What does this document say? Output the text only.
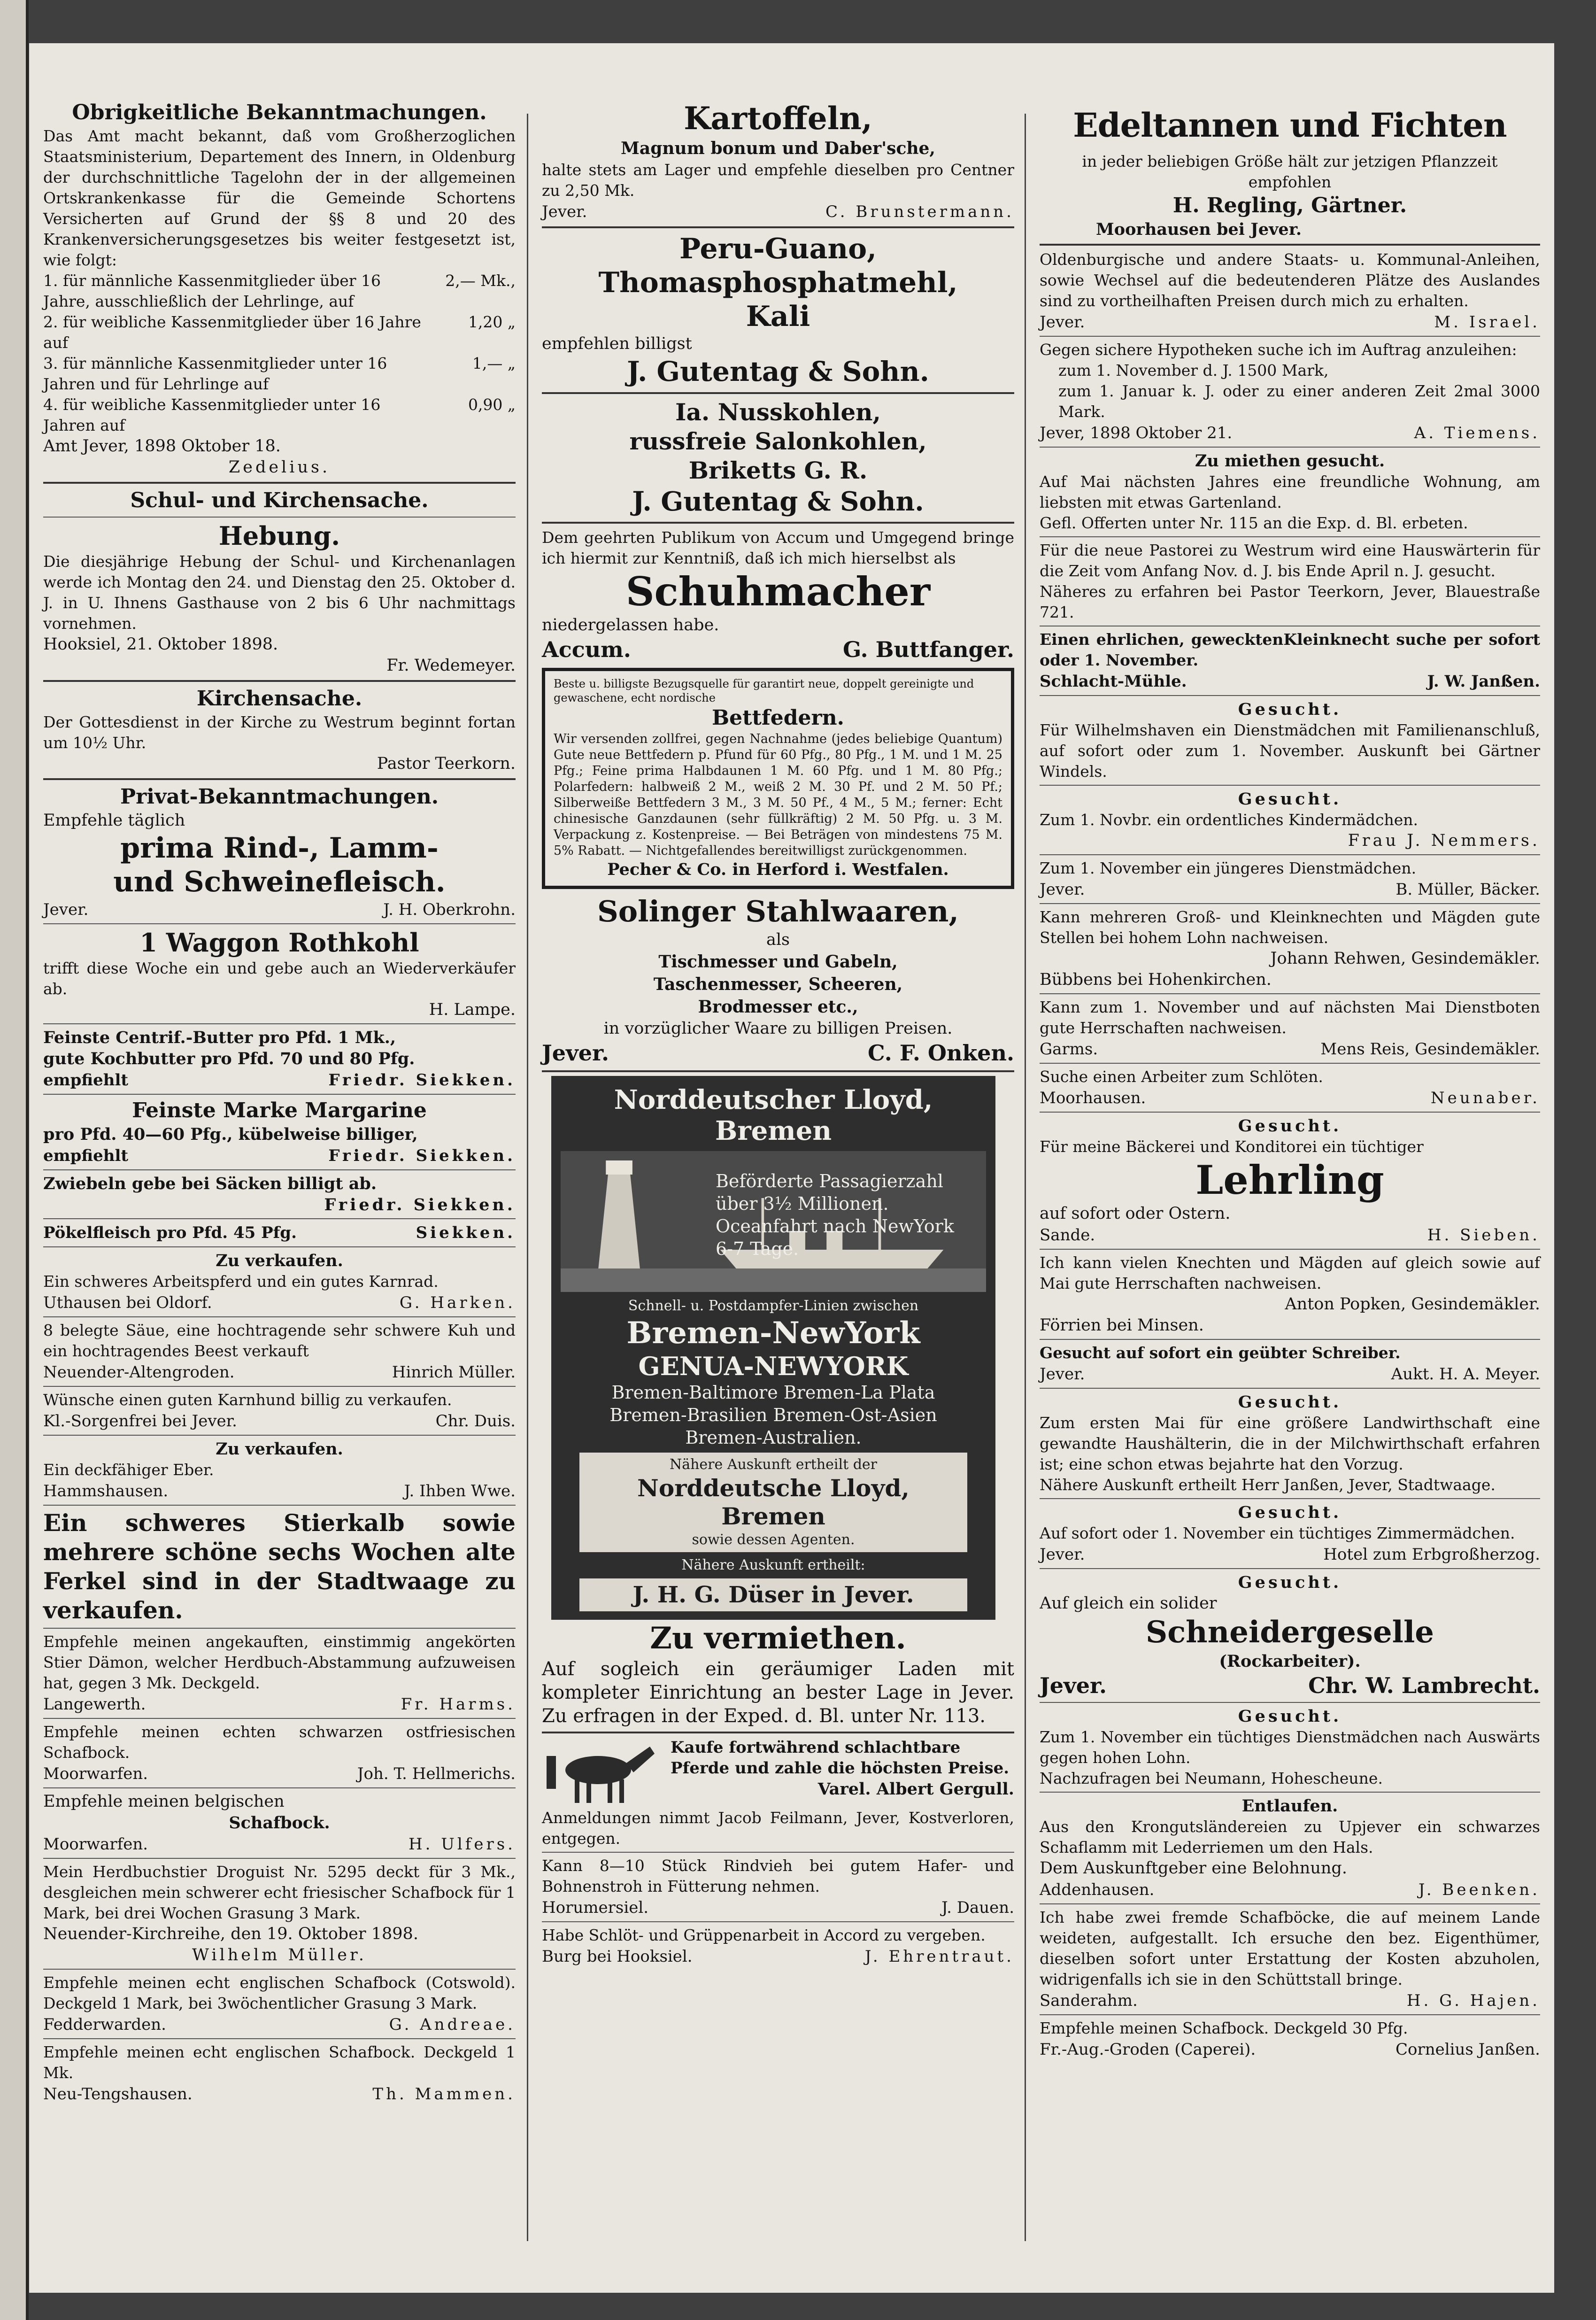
Obrigkeitliche Bekanntmachungen.

Das Amt macht bekannt, daß vom Großherzoglichen Staatsministerium, Departement des Innern, in Oldenburg der durchschnittliche Tagelohn der in der allgemeinen Ortskrankenkasse für die Gemeinde Schortens Versicherten auf Grund der §§ 8 und 20 des Krankenversicherungsgesetzes bis weiter festgesetzt ist, wie folgt:

1. für männliche Kassenmitglieder über 16 Jahre, ausschließlich der Lehrlinge, auf
2,— Mk.,
2. für weibliche Kassenmitglieder über 16 Jahre auf
1,20 „
3. für männliche Kassenmitglieder unter 16 Jahren und für Lehrlinge auf
1,— „
4. für weibliche Kassenmitglieder unter 16 Jahren auf
0,90 „

Amt Jever, 1898 Oktober 18.

Zedelius.

Schul- und Kirchensache.
Hebung.

Die diesjährige Hebung der Schul- und Kirchenanlagen werde ich Montag den 24. und Dienstag den 25. Oktober d. J. in U. Ihnens Gasthause von 2 bis 6 Uhr nachmittags vornehmen.

Hooksiel, 21. Oktober 1898.

Fr. Wedemeyer.

Kirchensache.

Der Gottesdienst in der Kirche zu Westrum beginnt fortan um 10½ Uhr.

Pastor Teerkorn.

Privat-Bekanntmachungen.

Empfehle täglich

prima Rind-, Lamm-
und Schweinefleisch.
Jever.	J. H. Oberkrohn.
1 Waggon Rothkohl

trifft diese Woche ein und gebe auch an Wiederverkäufer ab.

H. Lampe.

Feinste Centrif.-Butter pro Pfd. 1 Mk.,

gute Kochbutter pro Pfd. 70 und 80 Pfg.

empfiehlt	Friedr. Siekken.
Feinste Marke Margarine

pro Pfd. 40—60 Pfg., kübelweise billiger,

empfiehlt	Friedr. Siekken.

Zwiebeln gebe bei Säcken billigt ab.

Friedr. Siekken.

Pökelfleisch pro Pfd. 45 Pfg.	Siekken.

Zu verkaufen.

Ein schweres Arbeitspferd und ein gutes Karnrad.

Uthausen bei Oldorf.	G. Harken.

8 belegte Säue, eine hochtragende sehr schwere Kuh und ein hochtragendes Beest verkauft

Neuender-Altengroden.	Hinrich Müller.

Wünsche einen guten Karnhund billig zu verkaufen.

Kl.-Sorgenfrei bei Jever.	Chr. Duis.

Zu verkaufen.

Ein deckfähiger Eber.

Hammshausen.	J. Ihben Wwe.

Ein schweres Stierkalb sowie mehrere schöne sechs Wochen alte Ferkel sind in der Stadtwaage zu verkaufen.

Empfehle meinen angekauften, einstimmig angekörten Stier Dämon, welcher Herdbuch-Abstammung aufzuweisen hat, gegen 3 Mk. Deckgeld.

Langewerth.	Fr. Harms.

Empfehle meinen echten schwarzen ostfriesischen Schafbock.

Moorwarfen.	Joh. T. Hellmerichs.

Empfehle meinen belgischen

Schafbock.

Moorwarfen.	H. Ulfers.

Mein Herdbuchstier Droguist Nr. 5295 deckt für 3 Mk., desgleichen mein schwerer echt friesischer Schafbock für 1 Mark, bei drei Wochen Grasung 3 Mark.

Neuender-Kirchreihe, den 19. Oktober 1898.

Wilhelm Müller.

Empfehle meinen echt englischen Schafbock (Cotswold). Deckgeld 1 Mark, bei 3wöchentlicher Grasung 3 Mark.

Fedderwarden.	G. Andreae.

Empfehle meinen echt englischen Schafbock. Deckgeld 1 Mk.

Neu-Tengshausen.	Th. Mammen.
Kartoffeln,

Magnum bonum und Daber'sche,

halte stets am Lager und empfehle dieselben pro Centner zu 2,50 Mk.

Jever.	C. Brunstermann.
Peru-Guano,
Thomasphosphatmehl,
Kali

empfehlen billigst

J. Gutentag & Sohn.

Ia. Nusskohlen,

russfreie Salonkohlen,

Briketts G. R.

J. Gutentag & Sohn.

Dem geehrten Publikum von Accum und Umgegend bringe ich hiermit zur Kenntniß, daß ich mich hierselbst als

Schuhmacher

niedergelassen habe.

Accum.	G. Buttfanger.

Beste u. billigste Bezugsquelle für garantirt neue, doppelt gereinigte und gewaschene, echt nordische

Bettfedern.

Wir versenden zollfrei, gegen Nachnahme (jedes beliebige Quantum) Gute neue Bettfedern p. Pfund für 60 Pfg., 80 Pfg., 1 M. und 1 M. 25 Pfg.; Feine prima Halbdaunen 1 M. 60 Pfg. und 1 M. 80 Pfg.; Polarfedern: halbweiß 2 M., weiß 2 M. 30 Pf. und 2 M. 50 Pf.; Silberweiße Bettfedern 3 M., 3 M. 50 Pf., 4 M., 5 M.; ferner: Echt chinesische Ganzdaunen (sehr füllkräftig) 2 M. 50 Pfg. u. 3 M. Verpackung z. Kostenpreise. — Bei Beträgen von mindestens 75 M. 5% Rabatt. — Nichtgefallendes bereitwilligst zurückgenommen.

Pecher & Co. in Herford i. Westfalen.

Solinger Stahlwaaren,

als

Tischmesser und Gabeln,

Taschenmesser, Scheeren,

Brodmesser etc.,

in vorzüglicher Waare zu billigen Preisen.

Jever.	C. F. Onken.
Norddeutscher Lloyd, Bremen
Beförderte Passagierzahl über 3½ Millionen.
Oceanfahrt nach NewYork
6-7 Tage.
Schnell- u. Postdampfer-Linien zwischen
Bremen-NewYork
GENUA-NEWYORK
Bremen-Baltimore Bremen-La Plata
Bremen-Brasilien Bremen-Ost-Asien
Bremen-Australien.
Nähere Auskunft ertheilt der
Norddeutsche Lloyd, Bremen
sowie dessen Agenten.
Nähere Auskunft ertheilt:
J. H. G. Düser in Jever.
Zu vermiethen.

Auf sogleich ein geräumiger Laden mit kompleter Einrichtung an bester Lage in Jever. Zu erfragen in der Exped. d. Bl. unter Nr. 113.

Kaufe fortwährend schlachtbare Pferde und zahle die höchsten Preise.

Varel. Albert Gergull.

Anmeldungen nimmt Jacob Feilmann, Jever, Kostverloren, entgegen.

Kann 8—10 Stück Rindvieh bei gutem Hafer- und Bohnenstroh in Fütterung nehmen.

Horumersiel.	J. Dauen.

Habe Schlöt- und Grüppenarbeit in Accord zu vergeben.

Burg bei Hooksiel.	J. Ehrentraut.
Edeltannen und Fichten

in jeder beliebigen Größe hält zur jetzigen Pflanzzeit empfohlen

H. Regling, Gärtner.

Moorhausen bei Jever.

Oldenburgische und andere Staats- u. Kommunal-Anleihen, sowie Wechsel auf die bedeutenderen Plätze des Auslandes sind zu vortheilhaften Preisen durch mich zu erhalten.

Jever.	M. Israel.

Gegen sichere Hypotheken suche ich im Auftrag anzuleihen:

zum 1. November d. J. 1500 Mark,

zum 1. Januar k. J. oder zu einer anderen Zeit 2mal 3000 Mark.

Jever, 1898 Oktober 21.	A. Tiemens.

Zu miethen gesucht.

Auf Mai nächsten Jahres eine freundliche Wohnung, am liebsten mit etwas Gartenland.

Gefl. Offerten unter Nr. 115 an die Exp. d. Bl. erbeten.

Für die neue Pastorei zu Westrum wird eine Hauswärterin für die Zeit vom Anfang Nov. d. J. bis Ende April n. J. gesucht.

Näheres zu erfahren bei Pastor Teerkorn, Jever, Blauestraße 721.

Einen ehrlichen, gewecktenKleinknecht suche per sofort oder 1. November.

Schlacht-Mühle.	J. W. Janßen.

Gesucht.

Für Wilhelmshaven ein Dienstmädchen mit Familienanschluß, auf sofort oder zum 1. November. Auskunft bei Gärtner Windels.

Gesucht.

Zum 1. Novbr. ein ordentliches Kindermädchen.

Frau J. Nemmers.

Zum 1. November ein jüngeres Dienstmädchen.

Jever.	B. Müller, Bäcker.

Kann mehreren Groß- und Kleinknechten und Mägden gute Stellen bei hohem Lohn nachweisen.

Johann Rehwen, Gesindemäkler.

Bübbens bei Hohenkirchen.

Kann zum 1. November und auf nächsten Mai Dienstboten gute Herrschaften nachweisen.

Garms.	Mens Reis, Gesindemäkler.

Suche einen Arbeiter zum Schlöten.

Moorhausen.	Neunaber.

Gesucht.

Für meine Bäckerei und Konditorei ein tüchtiger

Lehrling

auf sofort oder Ostern.

Sande.	H. Sieben.

Ich kann vielen Knechten und Mägden auf gleich sowie auf Mai gute Herrschaften nachweisen.

Anton Popken, Gesindemäkler.

Förrien bei Minsen.

Gesucht auf sofort ein geübter Schreiber.

Jever.	Aukt. H. A. Meyer.

Gesucht.

Zum ersten Mai für eine größere Landwirthschaft eine gewandte Haushälterin, die in der Milchwirthschaft erfahren ist; eine schon etwas bejahrte hat den Vorzug.

Nähere Auskunft ertheilt Herr Janßen, Jever, Stadtwaage.

Gesucht.

Auf sofort oder 1. November ein tüchtiges Zimmermädchen.

Jever.	Hotel zum Erbgroßherzog.

Gesucht.

Auf gleich ein solider

Schneidergeselle

(Rockarbeiter).

Jever.	Chr. W. Lambrecht.

Gesucht.

Zum 1. November ein tüchtiges Dienstmädchen nach Auswärts gegen hohen Lohn.

Nachzufragen bei Neumann, Hohescheune.

Entlaufen.

Aus den Krongutsländereien zu Upjever ein schwarzes Schaflamm mit Lederriemen um den Hals.

Dem Auskunftgeber eine Belohnung.

Addenhausen.	J. Beenken.

Ich habe zwei fremde Schafböcke, die auf meinem Lande weideten, aufgestallt. Ich ersuche den bez. Eigenthümer, dieselben sofort unter Erstattung der Kosten abzuholen, widrigenfalls ich sie in den Schüttstall bringe.

Sanderahm.	H. G. Hajen.

Empfehle meinen Schafbock. Deckgeld 30 Pfg.

Fr.-Aug.-Groden (Caperei).	Cornelius Janßen.
